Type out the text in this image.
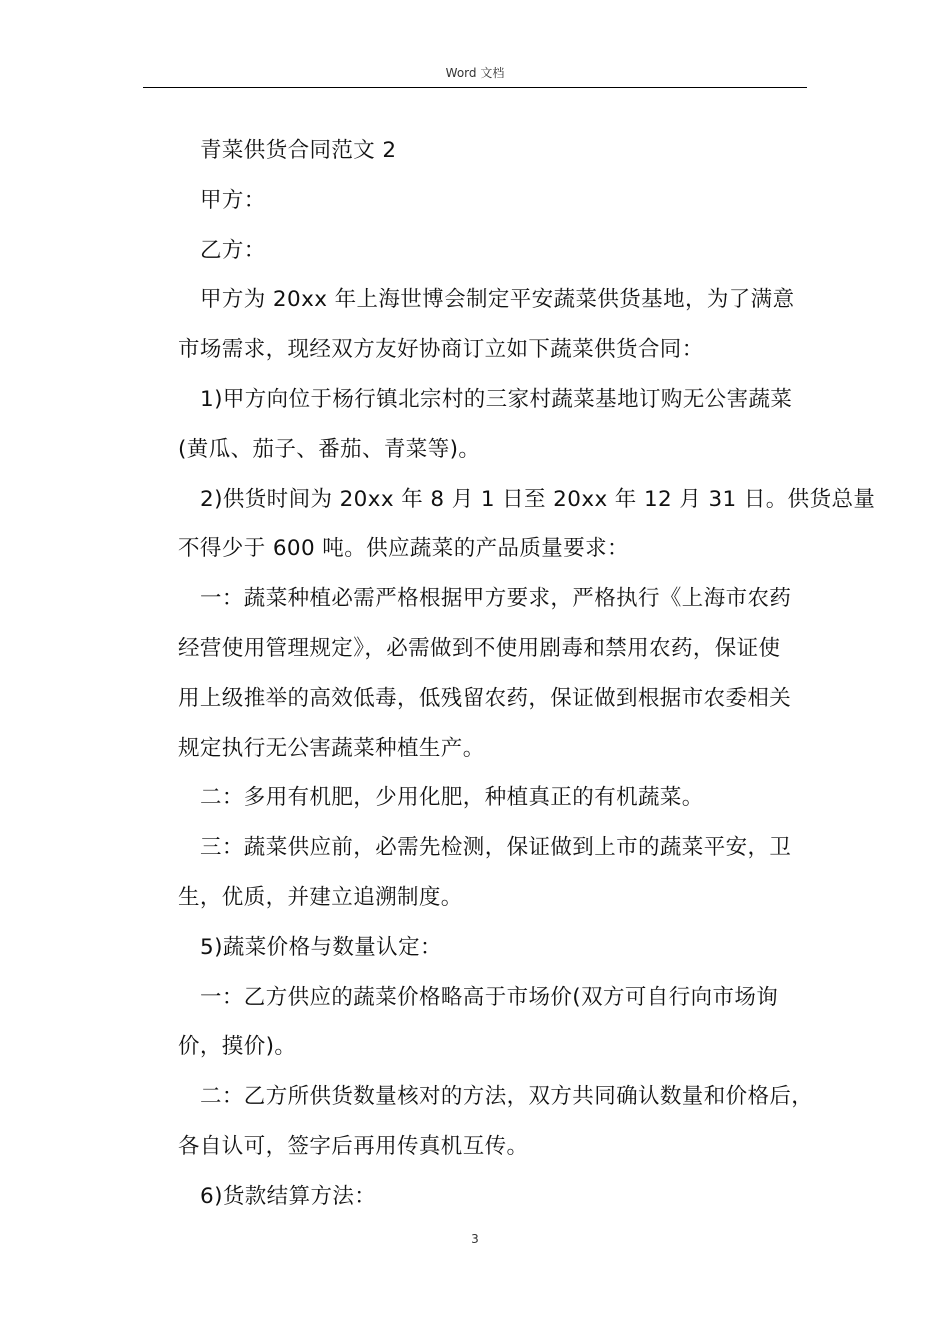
Word 文档

青菜供货合同范文 2

甲方：

乙方：

甲方为 20xx 年上海世博会制定平安蔬菜供货基地，为了满意

市场需求，现经双方友好协商订立如下蔬菜供货合同：

1)甲方向位于杨行镇北宗村的三家村蔬菜基地订购无公害蔬菜

(黄瓜、茄子、番茄、青菜等)。

2)供货时间为 20xx 年 8 月 1 日至 20xx 年 12 月 31 日。供货总量

不得少于 600 吨。供应蔬菜的产品质量要求：

一：蔬菜种植必需严格根据甲方要求，严格执行《上海市农药

经营使用管理规定》，必需做到不使用剧毒和禁用农药，保证使

用上级推举的高效低毒，低残留农药，保证做到根据市农委相关

规定执行无公害蔬菜种植生产。

二：多用有机肥，少用化肥，种植真正的有机蔬菜。

三：蔬菜供应前，必需先检测，保证做到上市的蔬菜平安，卫

生，优质，并建立追溯制度。

5)蔬菜价格与数量认定：

一：乙方供应的蔬菜价格略高于市场价(双方可自行向市场询

价，摸价)。

二：乙方所供货数量核对的方法，双方共同确认数量和价格后，

各自认可，签字后再用传真机互传。

6)货款结算方法：

3
